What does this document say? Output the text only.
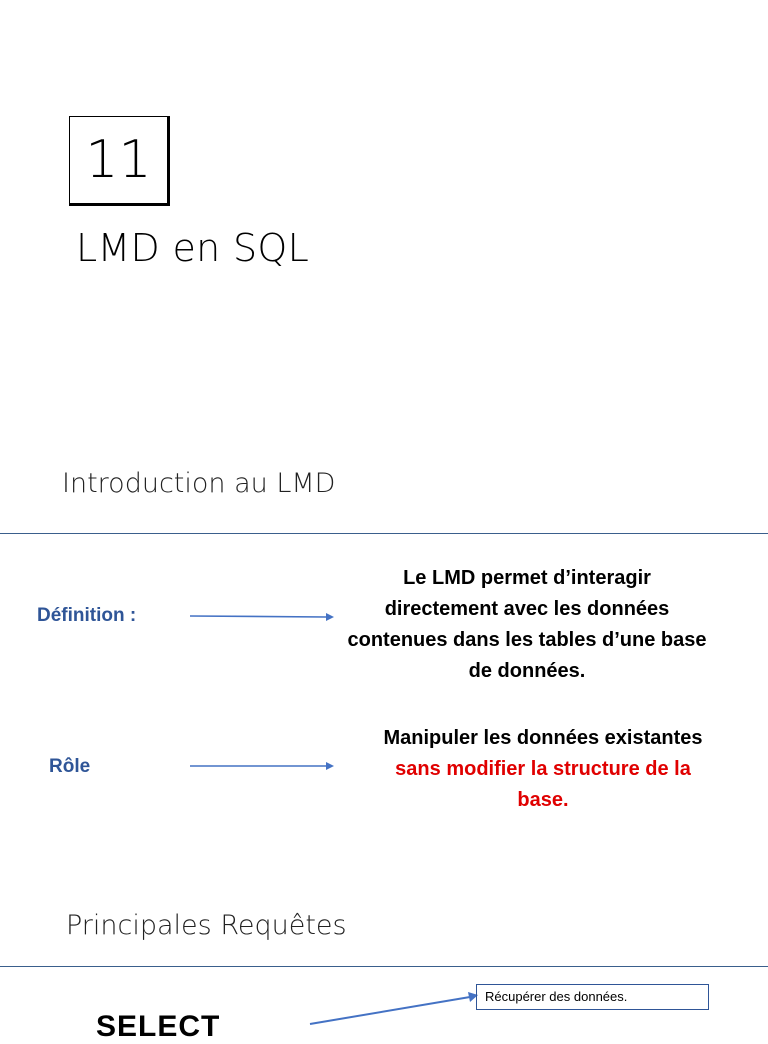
11
LMD en SQL
Introduction au LMD
Définition :
Le LMD permet d’interagir
directement avec les données
contenues dans les tables d’une base
de données.
Rôle
Manipuler les données existantes
sans modifier la structure de la
base.
Principales Requêtes
Récupérer des données.
SELECT
